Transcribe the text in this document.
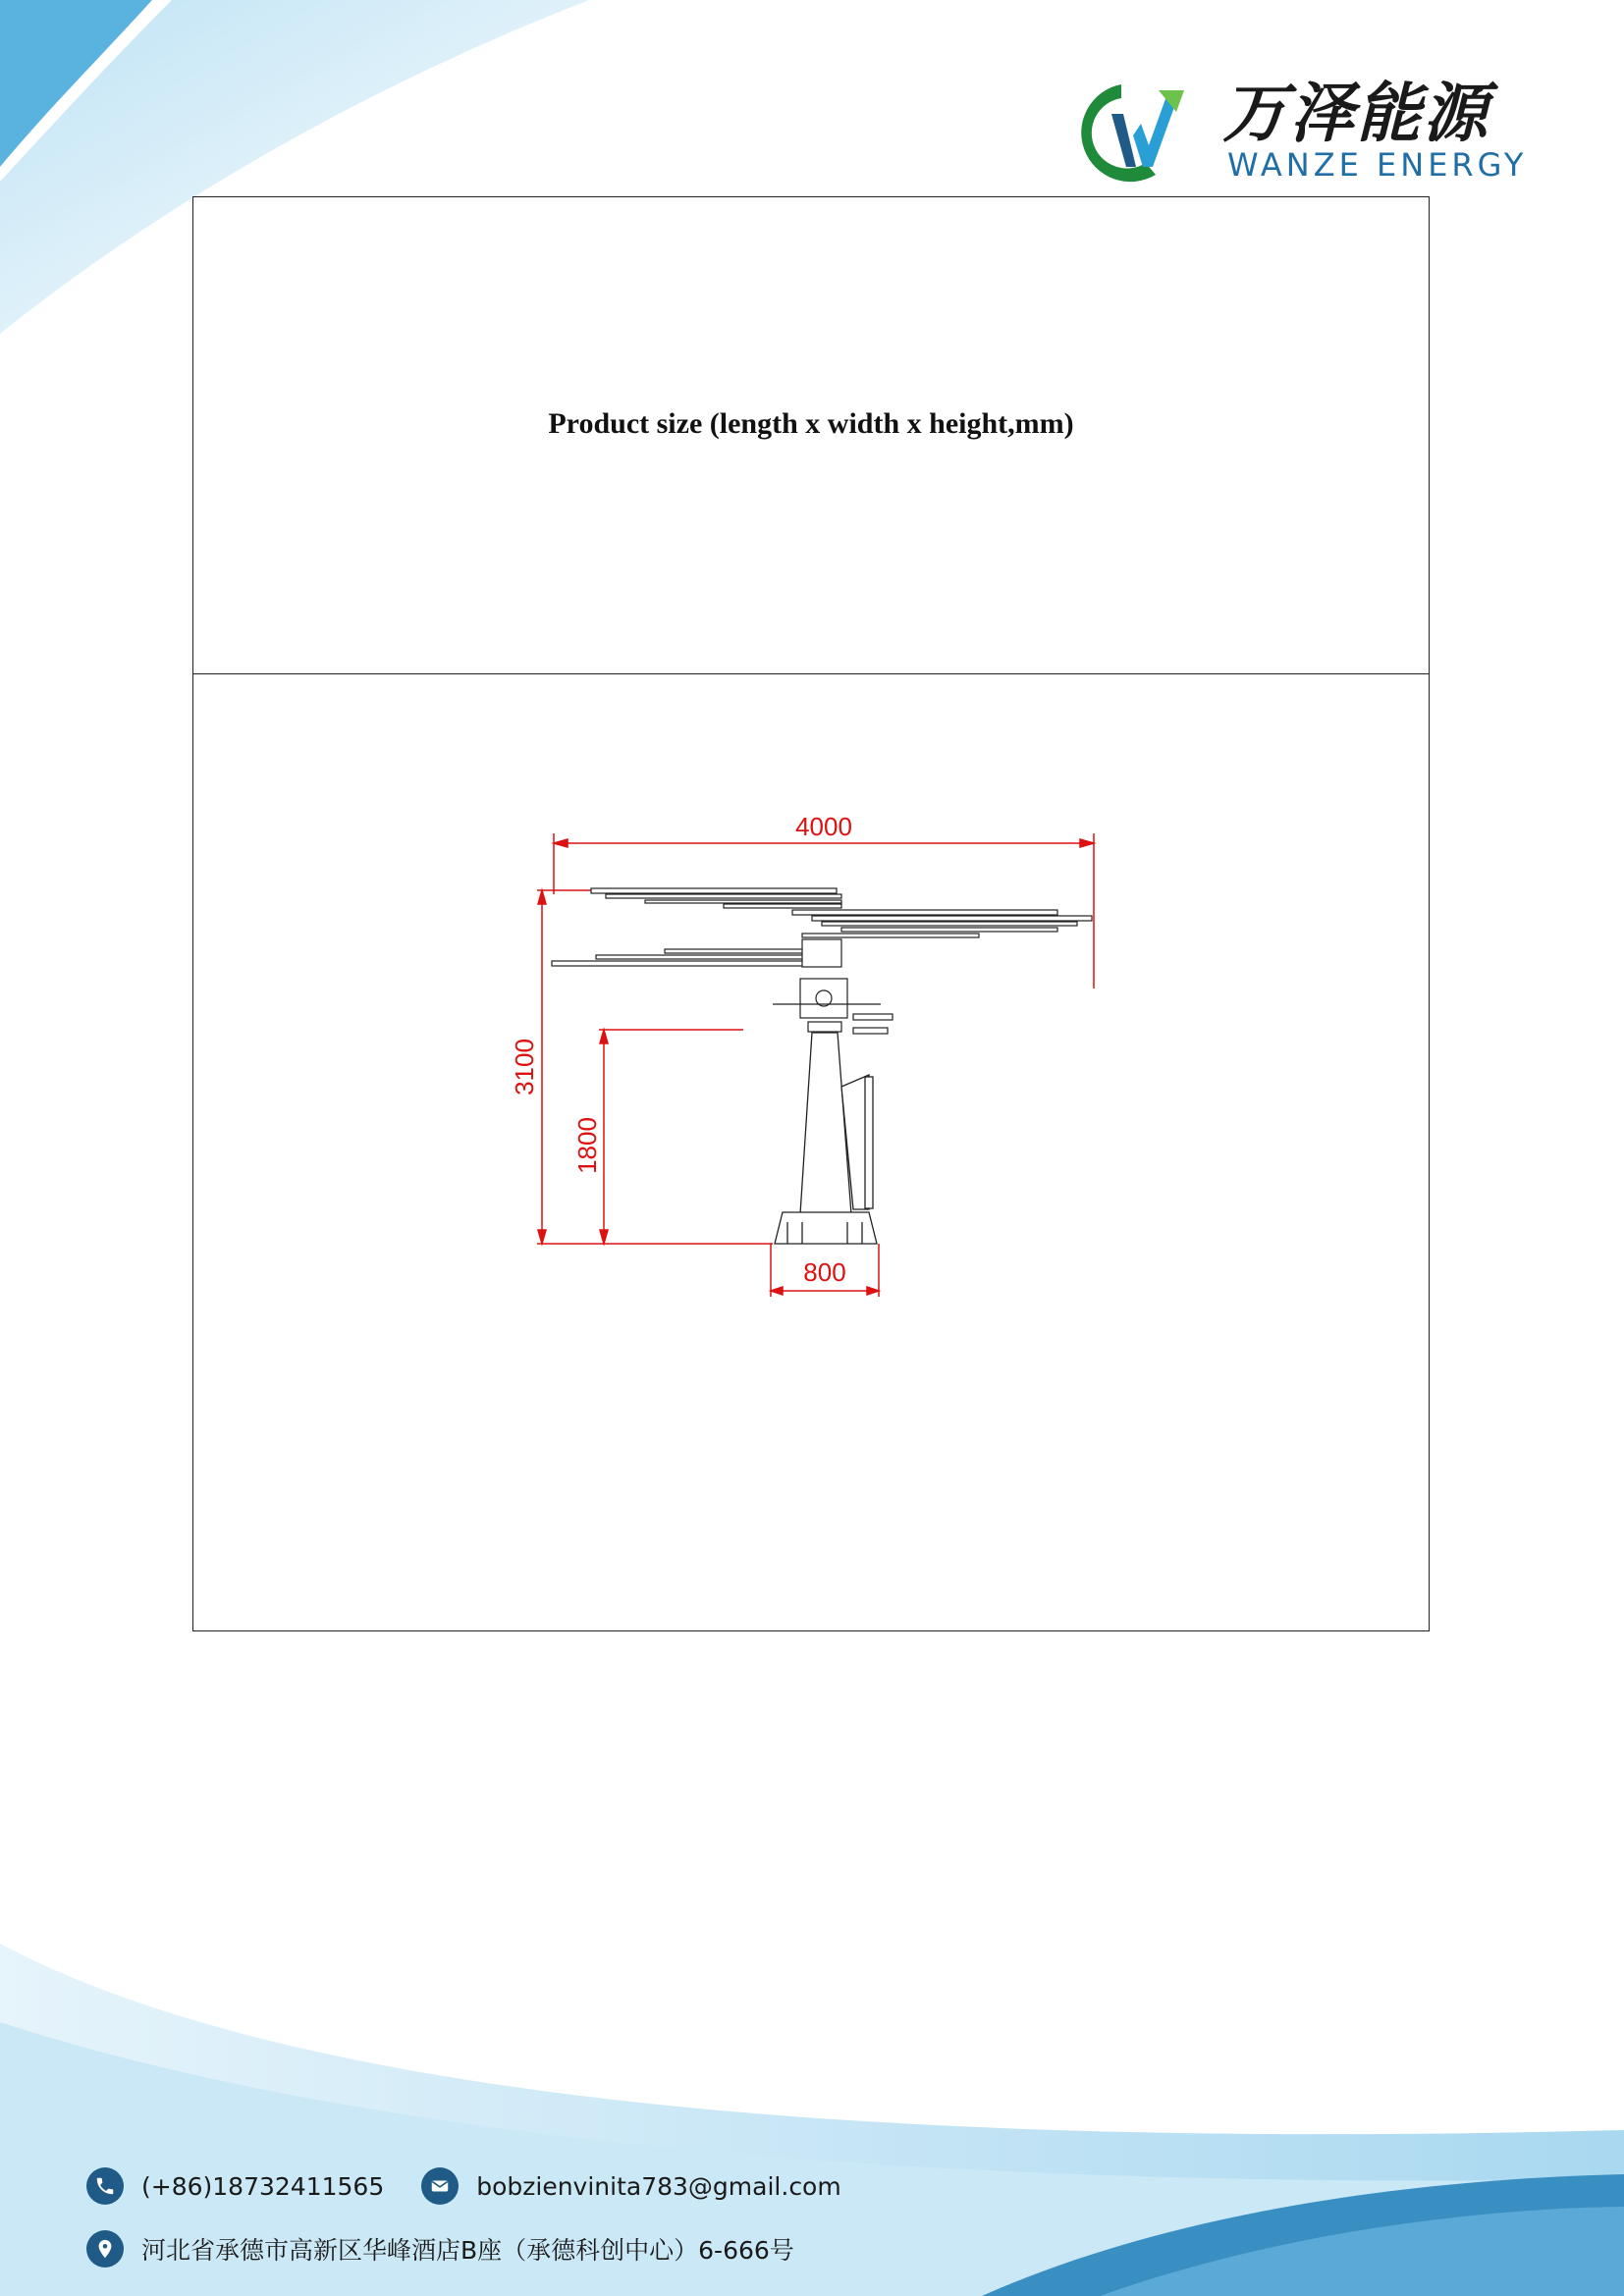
万泽能源
WANZE ENERGY
Product size (length x width x height,mm)
4000
3100
1800
800
(+86)18732411565	bobzienvinita783@gmail.com
河北省承德市高新区华峰酒店B座（承德科创中心）6-666号
